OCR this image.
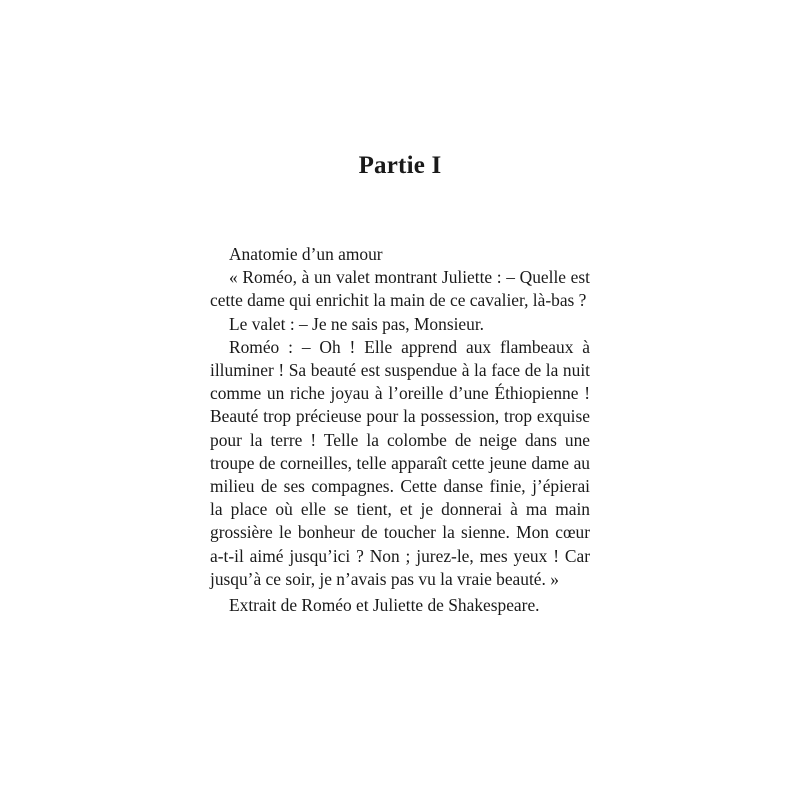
Partie I

Anatomie d’un amour

« Roméo, à un valet montrant Juliette : – Quelle est cette dame qui enrichit la main de ce cavalier, là-bas ?

Le valet : – Je ne sais pas, Monsieur.

Roméo : – Oh ! Elle apprend aux flambeaux à illuminer ! Sa beauté est suspendue à la face de la nuit comme un riche joyau à l’oreille d’une Éthiopienne ! Beauté trop précieuse pour la possession, trop exquise pour la terre ! Telle la colombe de neige dans une troupe de corneilles, telle apparaît cette jeune dame au milieu de ses compagnes. Cette danse finie, j’épierai la place où elle se tient, et je donnerai à ma main grossière le bonheur de toucher la sienne. Mon cœur a-t-il aimé jusqu’ici ? Non ; jurez-le, mes yeux ! Car jusqu’à ce soir, je n’avais pas vu la vraie beauté. »

Extrait de Roméo et Juliette de Shakespeare.
